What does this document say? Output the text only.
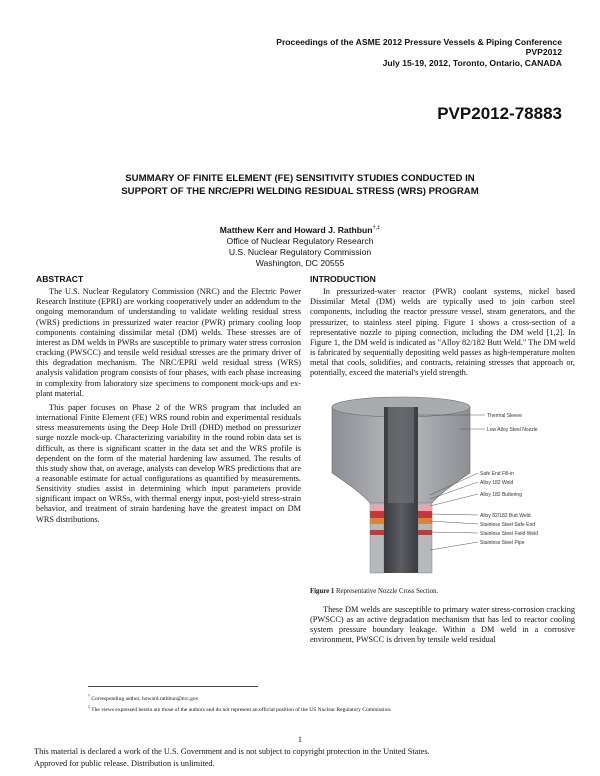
Proceedings of the ASME 2012 Pressure Vessels & Piping Conference
PVP2012
July 15-19, 2012, Toronto, Ontario, CANADA
PVP2012-78883
SUMMARY OF FINITE ELEMENT (FE) SENSITIVITY STUDIES CONDUCTED IN
SUPPORT OF THE NRC/EPRI WELDING RESIDUAL STRESS (WRS) PROGRAM
Matthew Kerr and Howard J. Rathbun†,‡
Office of Nuclear Regulatory Research
U.S. Nuclear Regulatory Commission
Washington, DC 20555
ABSTRACT

The U.S. Nuclear Regulatory Commission (NRC) and the Electric Power Research Institute (EPRI) are working cooperatively under an addendum to the ongoing memorandum of understanding to validate welding residual stress (WRS) predictions in pressurized water reactor (PWR) primary cooling loop components containing dissimilar metal (DM) welds. These stresses are of interest as DM welds in PWRs are susceptible to primary water stress corrosion cracking (PWSCC) and tensile weld residual stresses are the primary driver of this degradation mechanism. The NRC/EPRI weld residual stress (WRS) analysis validation program consists of four phases, with each phase increasing in complexity from laboratory size specimens to component mock-ups and ex-plant material.

This paper focuses on Phase 2 of the WRS program that included an international Finite Element (FE) WRS round robin and experimental residuals stress measurements using the Deep Hole Drill (DHD) method on pressurizer surge nozzle mock-up. Characterizing variability in the round robin data set is difficult, as there is significant scatter in the data set and the WRS profile is dependent on the form of the material hardening law assumed. The results of this study show that, on average, analysts can develop WRS predictions that are a reasonable estimate for actual configurations as quantified by measurements. Sensitivity studies assist in determining which input parameters provide significant impact on WRSs, with thermal energy input, post-yield stress-strain behavior, and treatment of strain hardening have the greatest impact on DM WRS distributions.

INTRODUCTION

In pressurized-water reactor (PWR) coolant systems, nickel based Dissimilar Metal (DM) welds are typically used to join carbon steel components, including the reactor pressure vessel, steam generators, and the pressurizer, to stainless steel piping. Figure 1 shows a cross-section of a representative nozzle to piping connection, including the DM weld [1,2]. In Figure 1, the DM weld is indicated as "Alloy 82/182 Butt Weld." The DM weld is fabricated by sequentially depositing weld passes as high-temperature molten metal that cools, solidifies, and contracts, retaining stresses that approach or, potentially, exceed the material's yield strength.

Thermal Sleeve
Low Alloy Steel Nozzle
Safe End Fill-in
Alloy 182 Weld
Alloy 182 Buttering
Alloy 82/182 Butt Weld
Stainless Steel Safe End
Stainless Steel Field Weld
Stainless Steel Pipe
Figure 1 Representative Nozzle Cross Section.

These DM welds are susceptible to primary water stress-corrosion cracking (PWSCC) as an active degradation mechanism that has led to reactor cooling system pressure boundary leakage. Within a DM weld in a corrosive environment, PWSCC is driven by tensile weld residual

† Corresponding author, howard.rathbun@nrc.gov
‡ The views expressed herein are those of the authors and do not represent an official position of the US Nuclear Regulatory Commission.
1
This material is declared a work of the U.S. Government and is not subject to copyright protection in the United States.
Approved for public release. Distribution is unlimited.
